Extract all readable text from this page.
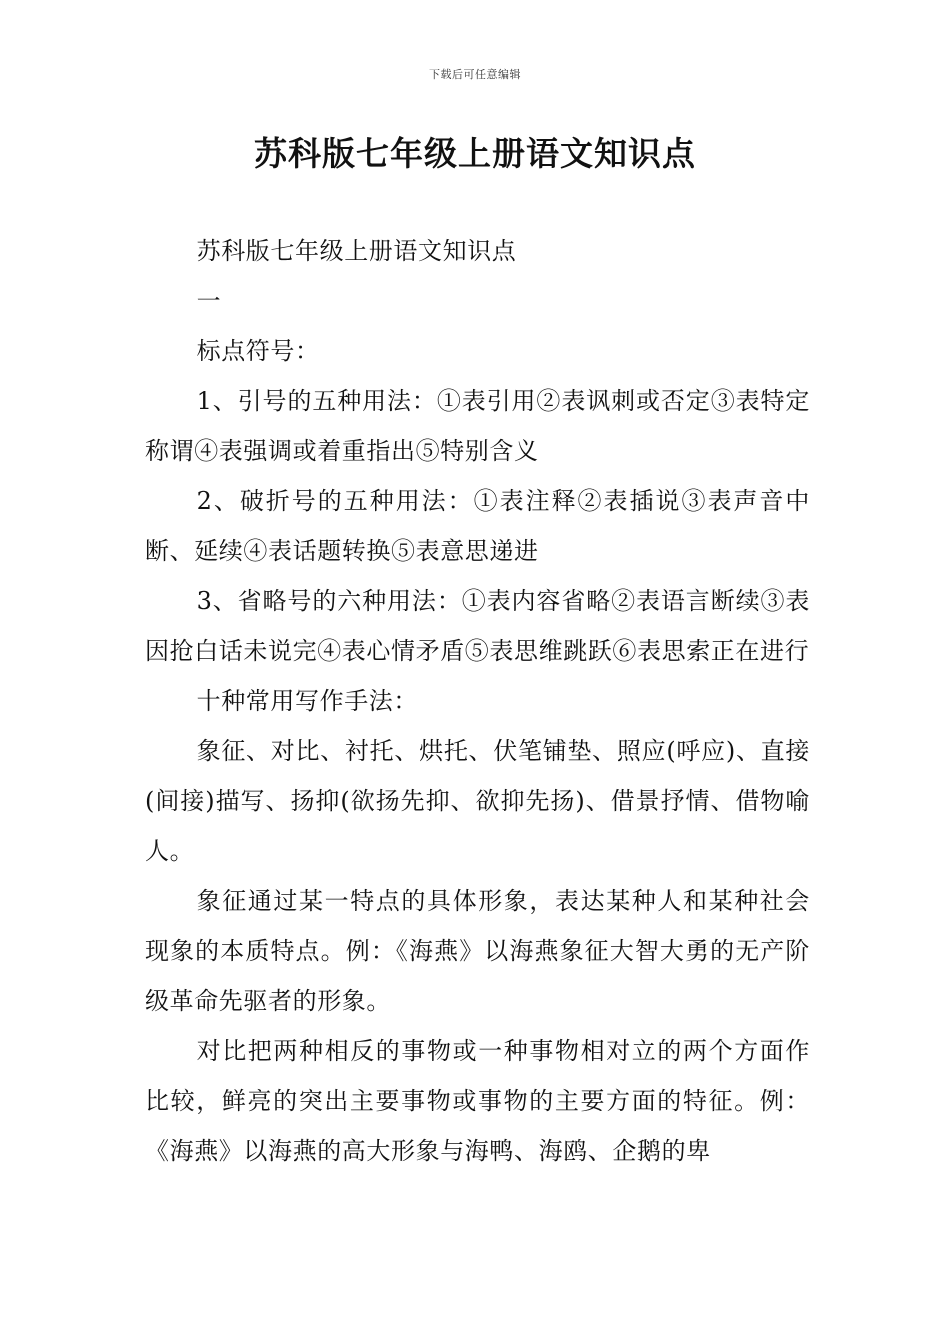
下载后可任意编辑
苏科版七年级上册语文知识点

苏科版七年级上册语文知识点

一

标点符号：

1、引号的五种用法：①表引用②表讽刺或否定③表特定称谓④表强调或着重指出⑤特别含义

2、破折号的五种用法：①表注释②表插说③表声音中断、延续④表话题转换⑤表意思递进

3、省略号的六种用法：①表内容省略②表语言断续③表因抢白话未说完④表心情矛盾⑤表思维跳跃⑥表思索正在进行

十种常用写作手法：

象征、对比、衬托、烘托、伏笔铺垫、照应(呼应)、直接(间接)描写、扬抑(欲扬先抑、欲抑先扬)、借景抒情、借物喻人。

象征通过某一特点的具体形象，表达某种人和某种社会现象的本质特点。例：《海燕》以海燕象征大智大勇的无产阶级革命先驱者的形象。

对比把两种相反的事物或一种事物相对立的两个方面作比较，鲜亮的突出主要事物或事物的主要方面的特征。例：《海燕》以海燕的高大形象与海鸭、海鸥、企鹅的卑
